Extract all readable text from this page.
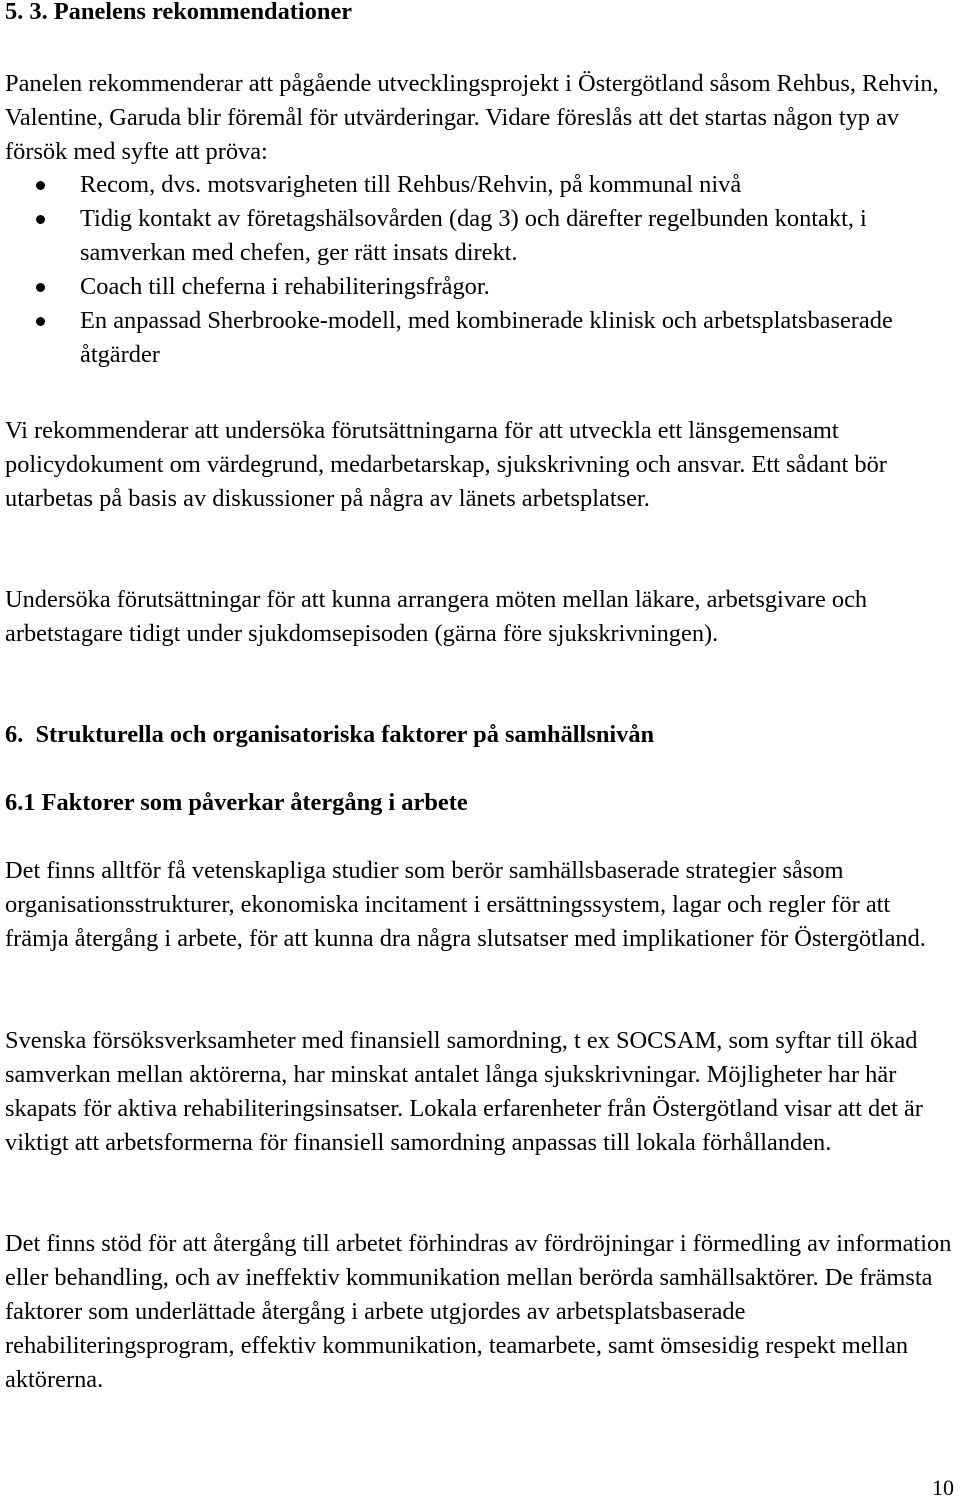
5. 3. Panelens rekommendationer

Panelen rekommenderar att pågående utvecklingsprojekt i Östergötland såsom Rehbus, Rehvin, Valentine, Garuda blir föremål för utvärderingar. Vidare föreslås att det startas någon typ av försök med syfte att pröva:

Recom, dvs. motsvarigheten till Rehbus/Rehvin, på kommunal nivå
Tidig kontakt av företagshälsovården (dag 3) och därefter regelbunden kontakt, i samverkan med chefen, ger rätt insats direkt.
Coach till cheferna i rehabiliteringsfrågor.
En anpassad Sherbrooke-modell, med kombinerade klinisk och arbetsplatsbaserade åtgärder

Vi rekommenderar att undersöka förutsättningarna för att utveckla ett länsgemensamt policydokument om värdegrund, medarbetarskap, sjukskrivning och ansvar. Ett sådant bör utarbetas på basis av diskussioner på några av länets arbetsplatser.

Undersöka förutsättningar för att kunna arrangera möten mellan läkare, arbetsgivare och arbetstagare tidigt under sjukdomsepisoden (gärna före sjukskrivningen).

6.  Strukturella och organisatoriska faktorer på samhällsnivån
6.1 Faktorer som påverkar återgång i arbete

Det finns alltför få vetenskapliga studier som berör samhällsbaserade strategier såsom organisationsstrukturer, ekonomiska incitament i ersättningssystem, lagar och regler för att främja återgång i arbete, för att kunna dra några slutsatser med implikationer för Östergötland.

Svenska försöksverksamheter med finansiell samordning, t ex SOCSAM, som syftar till ökad samverkan mellan aktörerna, har minskat antalet långa sjukskrivningar. Möjligheter har här skapats för aktiva rehabiliteringsinsatser. Lokala erfarenheter från Östergötland visar att det är viktigt att arbetsformerna för finansiell samordning anpassas till lokala förhållanden.

Det finns stöd för att återgång till arbetet förhindras av fördröjningar i förmedling av information eller behandling, och av ineffektiv kommunikation mellan berörda samhällsaktörer. De främsta faktorer som underlättade återgång i arbete utgjordes av arbetsplatsbaserade rehabiliteringsprogram, effektiv kommunikation, teamarbete, samt ömsesidig respekt mellan aktörerna.

10
